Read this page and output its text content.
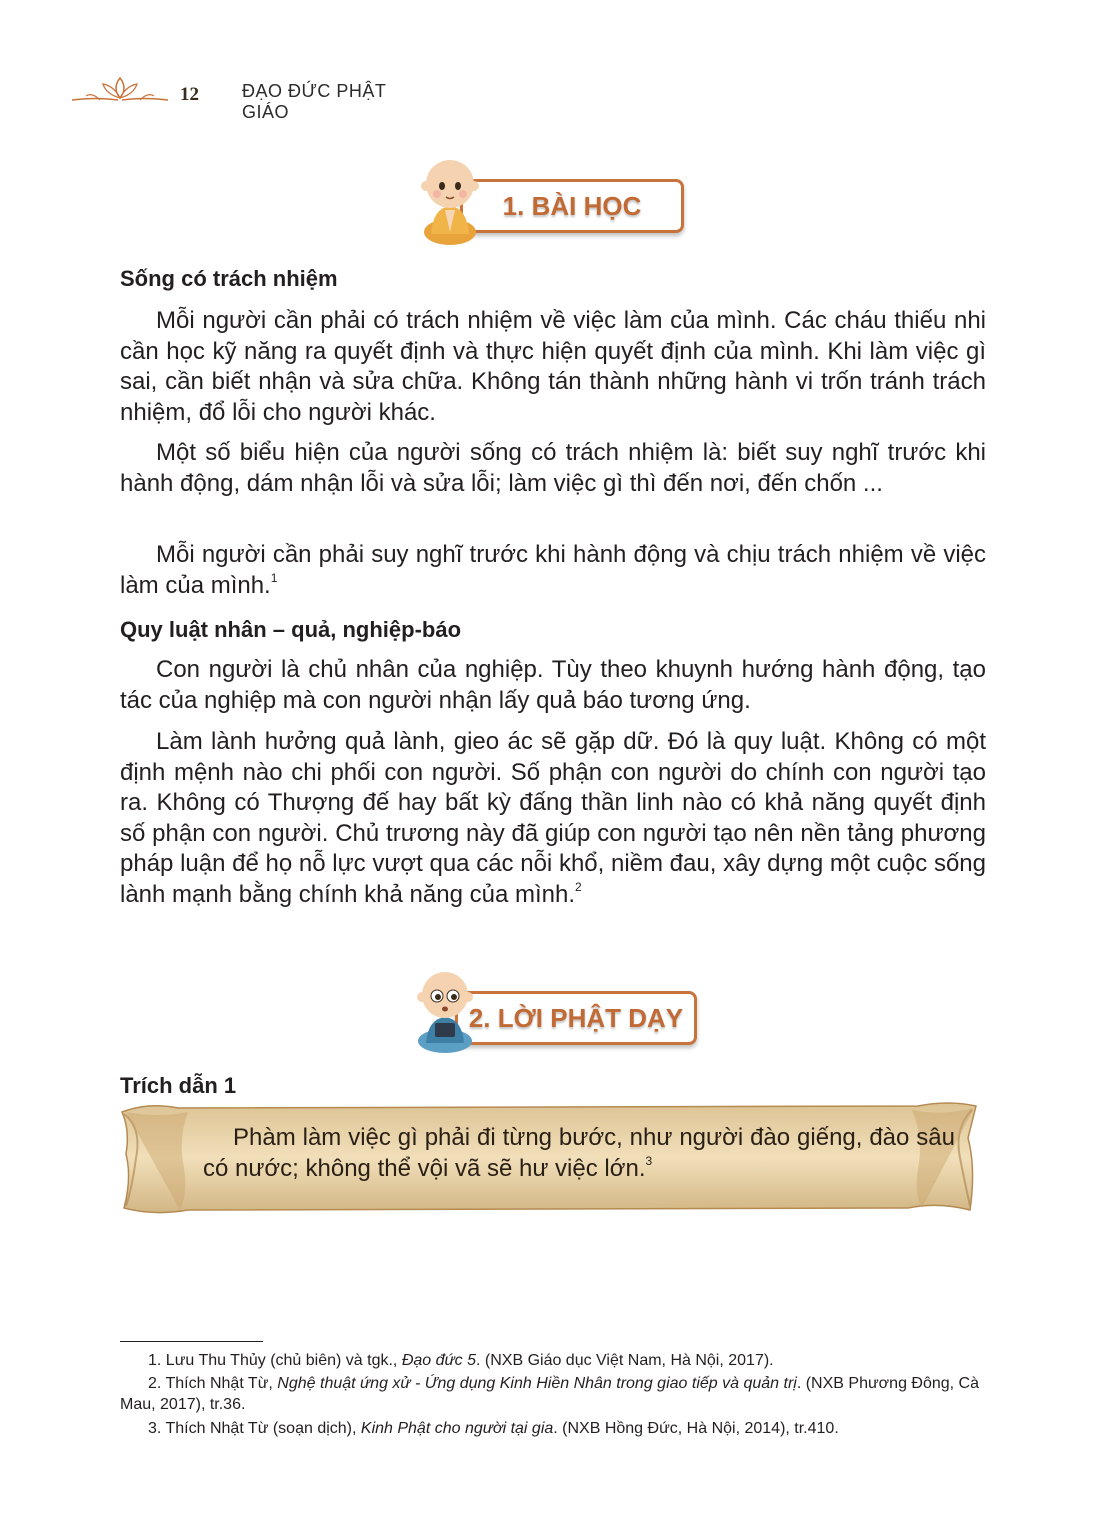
12 ĐẠO ĐỨC PHẬT GIÁO
1. BÀI HỌC
Sống có trách nhiệm

Mỗi người cần phải có trách nhiệm về việc làm của mình. Các cháu thiếu nhi cần học kỹ năng ra quyết định và thực hiện quyết định của mình. Khi làm việc gì sai, cần biết nhận và sửa chữa. Không tán thành những hành vi trốn tránh trách nhiệm, đổ lỗi cho người khác.

Một số biểu hiện của người sống có trách nhiệm là: biết suy nghĩ trước khi hành động, dám nhận lỗi và sửa lỗi; làm việc gì thì đến nơi, đến chốn ...

Mỗi người cần phải suy nghĩ trước khi hành động và chịu trách nhiệm về việc làm của mình.$^1$

Quy luật nhân – quả, nghiệp-báo

Con người là chủ nhân của nghiệp. Tùy theo khuynh hướng hành động, tạo tác của nghiệp mà con người nhận lấy quả báo tương ứng.

Làm lành hưởng quả lành, gieo ác sẽ gặp dữ. Đó là quy luật. Không có một định mệnh nào chi phối con người. Số phận con người do chính con người tạo ra. Không có Thượng đế hay bất kỳ đấng thần linh nào có khả năng quyết định số phận con người. Chủ trương này đã giúp con người tạo nên nền tảng phương pháp luận để họ nỗ lực vượt qua các nỗi khổ, niềm đau, xây dựng một cuộc sống lành mạnh bằng chính khả năng của mình.$^2$

2. LỜI PHẬT DẠY
Trích dẫn 1

Phàm làm việc gì phải đi từng bước, như người đào giếng, đào sâu có nước; không thể vội vã sẽ hư việc lớn.$^3$

1. Lưu Thu Thủy (chủ biên) và tgk., Đạo đức 5. (NXB Giáo dục Việt Nam, Hà Nội, 2017).

2. Thích Nhật Từ, Nghệ thuật ứng xử - Ứng dụng Kinh Hiền Nhân trong giao tiếp và quản trị. (NXB Phương Đông, Cà Mau, 2017), tr.36.

3. Thích Nhật Từ (soạn dịch), Kinh Phật cho người tại gia. (NXB Hồng Đức, Hà Nội, 2014), tr.410.
